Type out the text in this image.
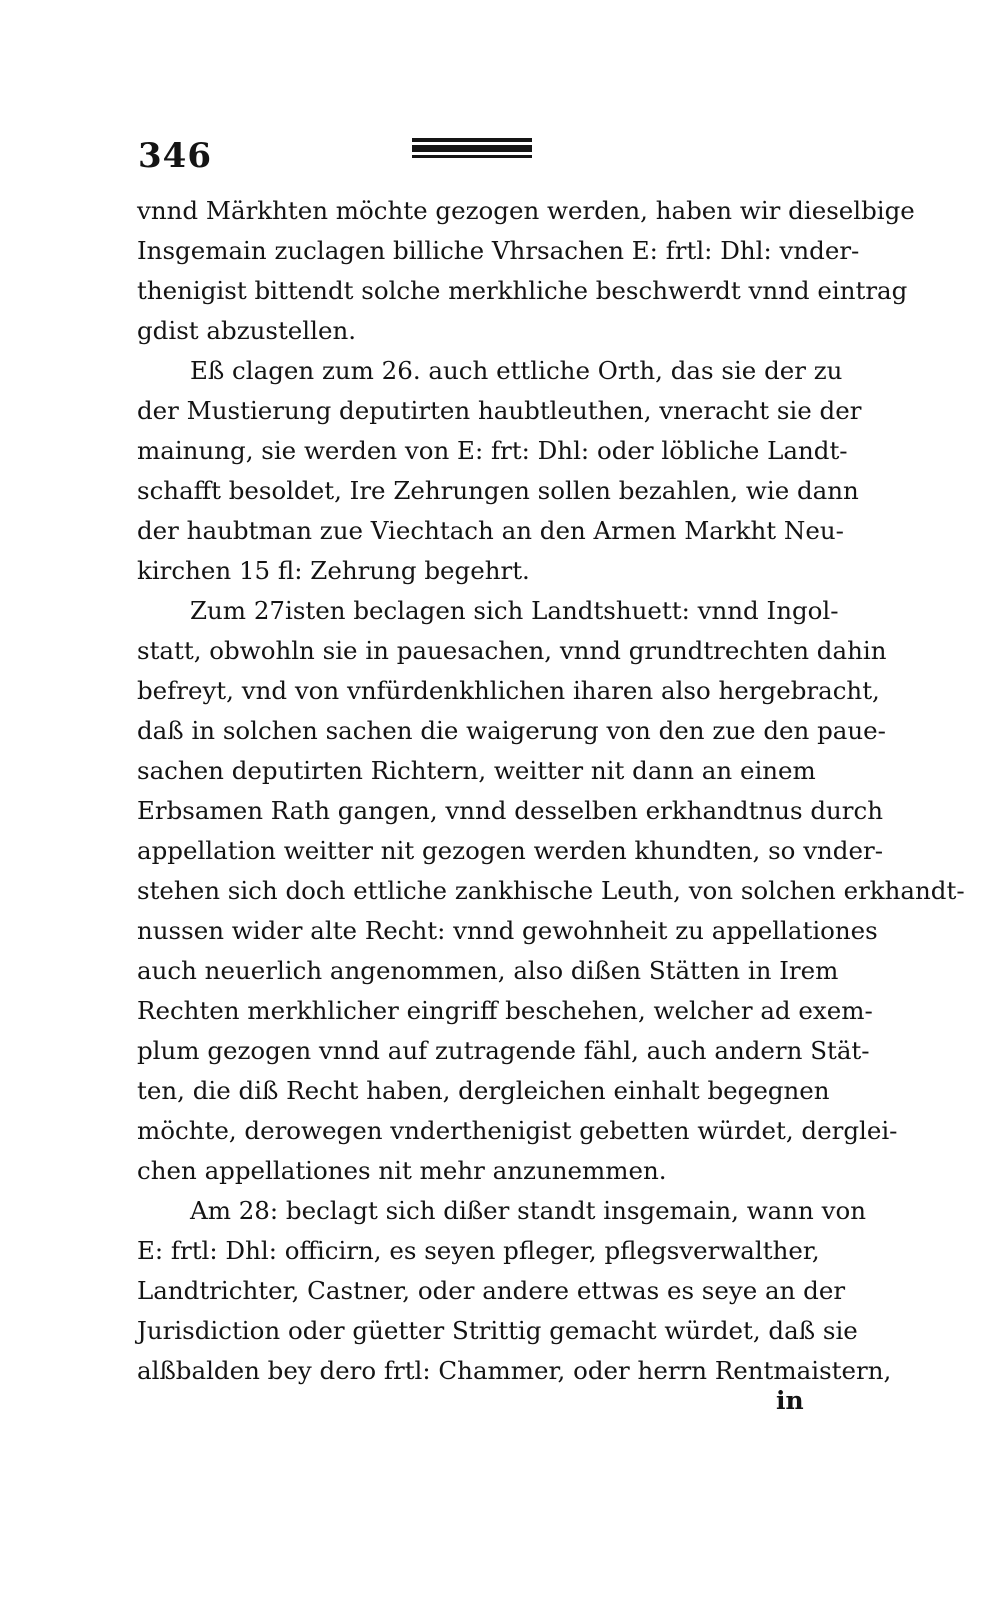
346
vnnd Märkhten möchte gezogen werden, haben wir dieselbige
Insgemain zuclagen billiche Vhrsachen E: frtl: Dhl: vnder-
thenigist bittendt solche merkhliche beschwerdt vnnd eintrag
gdist abzustellen.
Eß clagen zum 26. auch ettliche Orth, das sie der zu
der Mustierung deputirten haubtleuthen, vneracht sie der
mainung, sie werden von E: frt: Dhl: oder löbliche Landt-
schafft besoldet, Ire Zehrungen sollen bezahlen, wie dann
der haubtman zue Viechtach an den Armen Markht Neu-
kirchen 15 fl: Zehrung begehrt.
Zum 27isten beclagen sich Landtshuett: vnnd Ingol-
statt, obwohln sie in pauesachen, vnnd grundtrechten dahin
befreyt, vnd von vnfürdenkhlichen iharen also hergebracht,
daß in solchen sachen die waigerung von den zue den paue-
sachen deputirten Richtern, weitter nit dann an einem
Erbsamen Rath gangen, vnnd desselben erkhandtnus durch
appellation weitter nit gezogen werden khundten, so vnder-
stehen sich doch ettliche zankhische Leuth, von solchen erkhandt-
nussen wider alte Recht: vnnd gewohnheit zu appellationes
auch neuerlich angenommen, also dißen Stätten in Irem
Rechten merkhlicher eingriff beschehen, welcher ad exem-
plum gezogen vnnd auf zutragende fähl, auch andern Stät-
ten, die diß Recht haben, dergleichen einhalt begegnen
möchte, derowegen vnderthenigist gebetten würdet, derglei-
chen appellationes nit mehr anzunemmen.
Am 28: beclagt sich dißer standt insgemain, wann von
E: frtl: Dhl: officirn, es seyen pfleger, pflegsverwalther,
Landtrichter, Castner, oder andere ettwas es seye an der
Jurisdiction oder güetter Strittig gemacht würdet, daß sie
alßbalden bey dero frtl: Chammer, oder herrn Rentmaistern,
in
